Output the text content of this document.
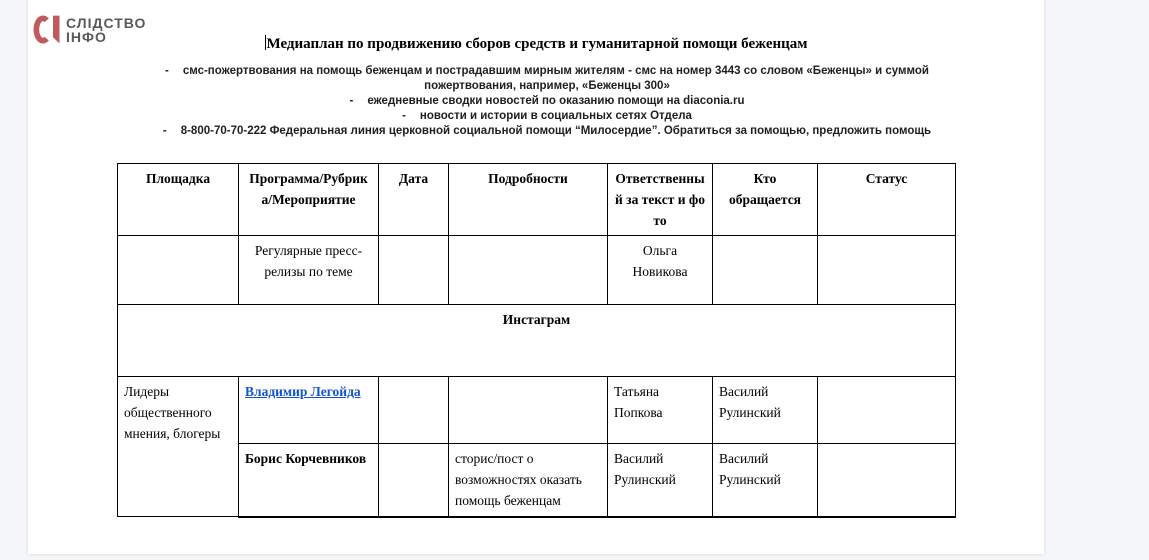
СЛІДСТВО
ІНФО	Медиаплан по продвижению сборов средств и гуманитарной помощи беженцам
- смс-пожертвования на помощь беженцам и пострадавшим мирным жителям - смс на номер 3443 со словом «Беженцы» и суммой пожертвования, например, «Беженцы 300»
- ежедневные сводки новостей по оказанию помощи на diaconia.ru
- новости и истории в социальных сетях Отдела
- 8-800-70-70-222 Федеральная линия церковной социальной помощи “Милосердие”. Обратиться за помощью, предложить помощь
Площадка	Программа/Рубрика/Мероприятие	Дата	Подробности	Ответственный за текст и фото	Кто обращается	Статус
	Регулярные пресс-релизы по теме			Ольга Новикова		
Инстаграм						
Лидеры общественного мнения, блогеры	Владимир Легойда			Татьяна Попкова	Василий Рулинский	
	Борис Корчевников		сторис/пост о возможностях оказать помощь беженцам	Василий Рулинский	Василий Рулинский	
